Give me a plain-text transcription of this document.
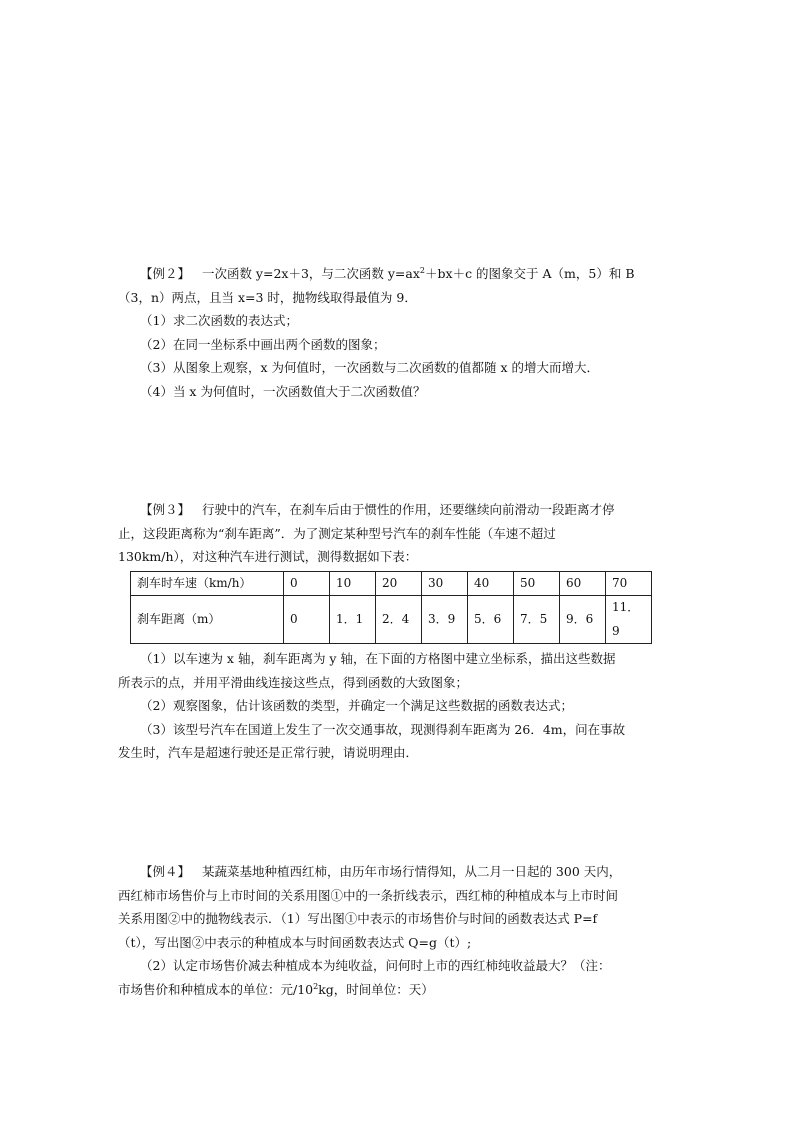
【例２】 一次函数 y=2x＋3，与二次函数 $y=ax^2+bx+c$ 的图象交于 A（m，5）和 B
（3，n）两点，且当 x=3 时，抛物线取得最值为 9．
（1）求二次函数的表达式；
（2）在同一坐标系中画出两个函数的图象；
（3）从图象上观察，x 为何值时，一次函数与二次函数的值都随 x 的增大而增大．
（4）当 x 为何值时，一次函数值大于二次函数值？
【例３】 行驶中的汽车，在刹车后由于惯性的作用，还要继续向前滑动一段距离才停
止，这段距离称为“刹车距离”．为了测定某种型号汽车的刹车性能（车速不超过
130km/h），对这种汽车进行测试，测得数据如下表：
刹车时车速（km/h）	0	10	20	30	40	50	60	70
刹车距离（m）	0	1．1	2．4	3．9	5．6	7．5	9．6	11．9
（1）以车速为 x 轴，刹车距离为 y 轴，在下面的方格图中建立坐标系，描出这些数据
所表示的点，并用平滑曲线连接这些点，得到函数的大致图象；
（2）观察图象，估计该函数的类型，并确定一个满足这些数据的函数表达式；
（3）该型号汽车在国道上发生了一次交通事故，现测得刹车距离为 26．4m，问在事故
发生时，汽车是超速行驶还是正常行驶，请说明理由．
【例４】 某蔬菜基地种植西红柿，由历年市场行情得知，从二月一日起的 300 天内，
西红柿市场售价与上市时间的关系用图①中的一条折线表示，西红柿的种植成本与上市时间
关系用图②中的抛物线表示．（1）写出图①中表示的市场售价与时间的函数表达式 P=f
（t），写出图②中表示的种植成本与时间函数表达式 Q=g（t）;
（2）认定市场售价减去种植成本为纯收益，问何时上市的西红柿纯收益最大？（注：
市场售价和种植成本的单位：元$/10^2kg$，时间单位：天）
